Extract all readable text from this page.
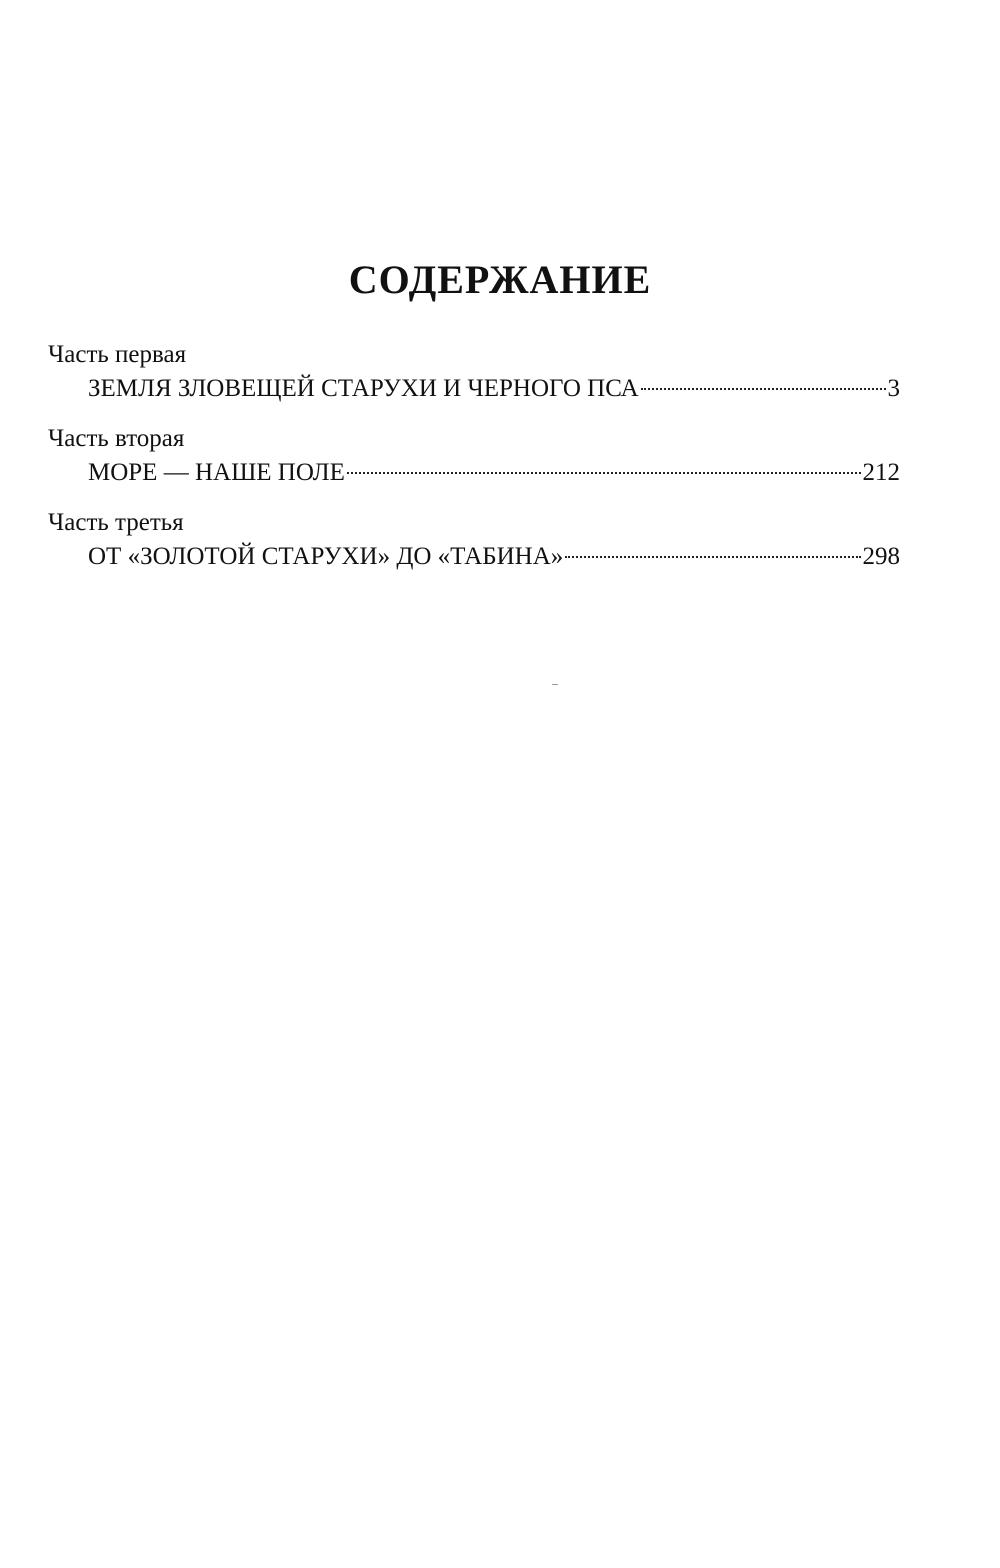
СОДЕРЖАНИЕ
Часть первая
ЗЕМЛЯ ЗЛОВЕЩЕЙ СТАРУХИ И ЧЕРНОГО ПСА	3
Часть вторая
МОРЕ — НАШЕ ПОЛЕ	212
Часть третья
ОТ «ЗОЛОТОЙ СТАРУХИ» ДО «ТАБИНА»	298
